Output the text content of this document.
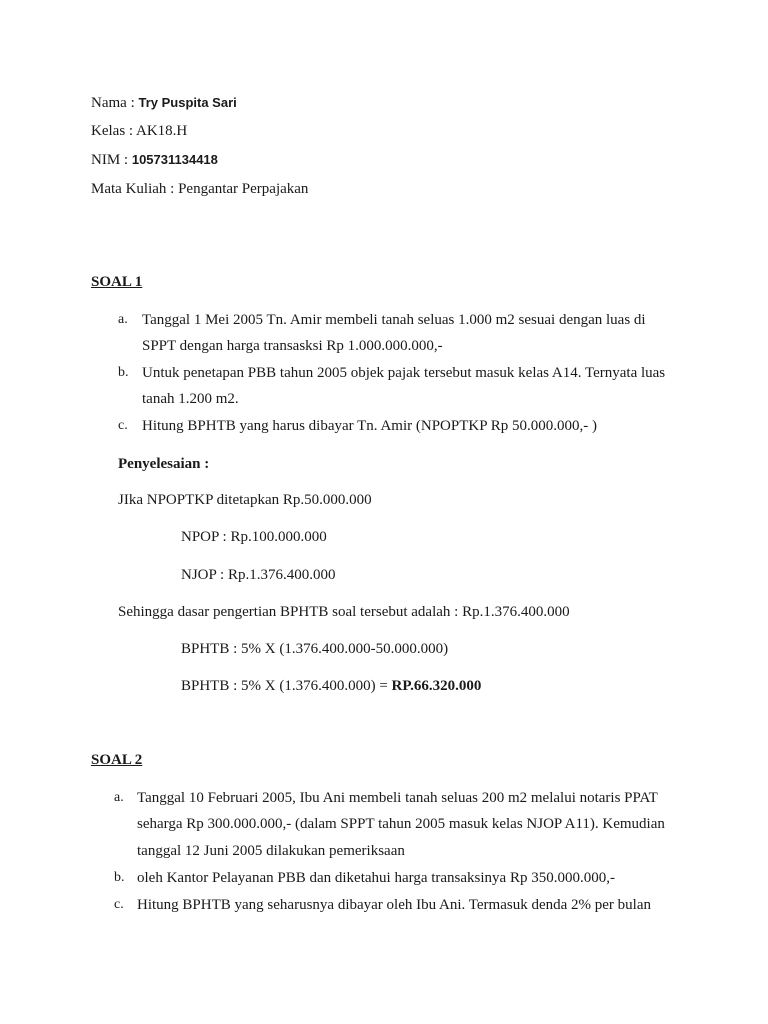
Nama : Try Puspita Sari
Kelas : AK18.H
NIM : 105731134418
Mata Kuliah : Pengantar Perpajakan
SOAL 1
a. Tanggal 1 Mei 2005 Tn. Amir membeli tanah seluas 1.000 m2 sesuai dengan luas di
SPPT dengan harga transasksi Rp 1.000.000.000,-
b. Untuk penetapan PBB tahun 2005 objek pajak tersebut masuk kelas A14. Ternyata luas
tanah 1.200 m2.
c. Hitung BPHTB yang harus dibayar Tn. Amir (NPOPTKP Rp 50.000.000,- )
Penyelesaian :
JIka NPOPTKP ditetapkan Rp.50.000.000
NPOP : Rp.100.000.000
NJOP : Rp.1.376.400.000
Sehingga dasar pengertian BPHTB soal tersebut adalah : Rp.1.376.400.000
BPHTB : 5% X (1.376.400.000-50.000.000)
BPHTB : 5% X (1.376.400.000) = RP.66.320.000
SOAL 2
a. Tanggal 10 Februari 2005, Ibu Ani membeli tanah seluas 200 m2 melalui notaris PPAT
seharga Rp 300.000.000,- (dalam SPPT tahun 2005 masuk kelas NJOP A11). Kemudian
tanggal 12 Juni 2005 dilakukan pemeriksaan
b. oleh Kantor Pelayanan PBB dan diketahui harga transaksinya Rp 350.000.000,-
c. Hitung BPHTB yang seharusnya dibayar oleh Ibu Ani. Termasuk denda 2% per bulan
